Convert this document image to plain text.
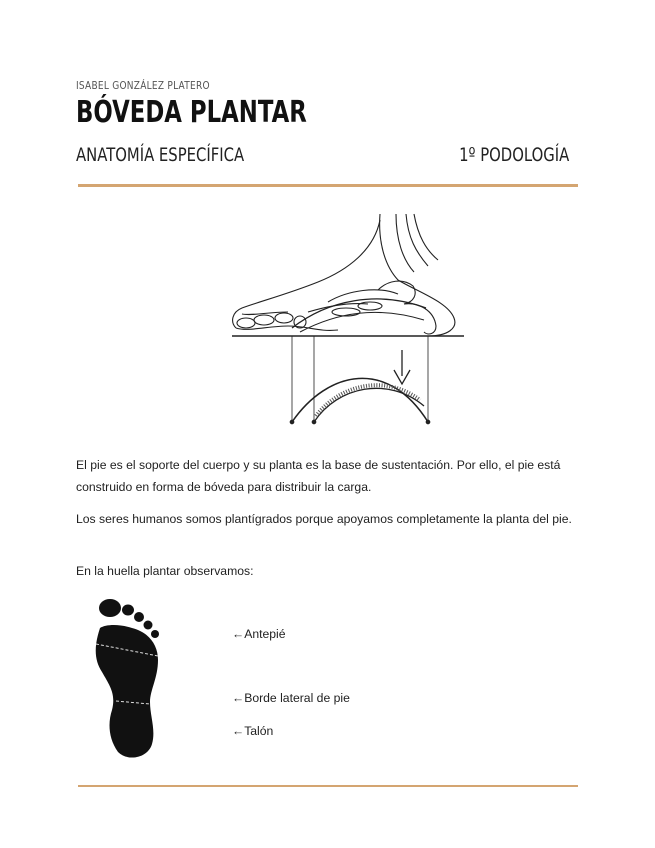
ISABEL GONZÁLEZ PLATERO
BÓVEDA PLANTAR
ANATOMÍA ESPECÍFICA	1º PODOLOGÍA
El pie es el soporte del cuerpo y su planta es la base de sustentación. Por ello, el pie está construido en forma de bóveda para distribuir la carga.
Los seres humanos somos plantígrados porque apoyamos completamente la planta del pie.
En la huella plantar observamos:
←Antepié
←Borde lateral de pie
←Talón
